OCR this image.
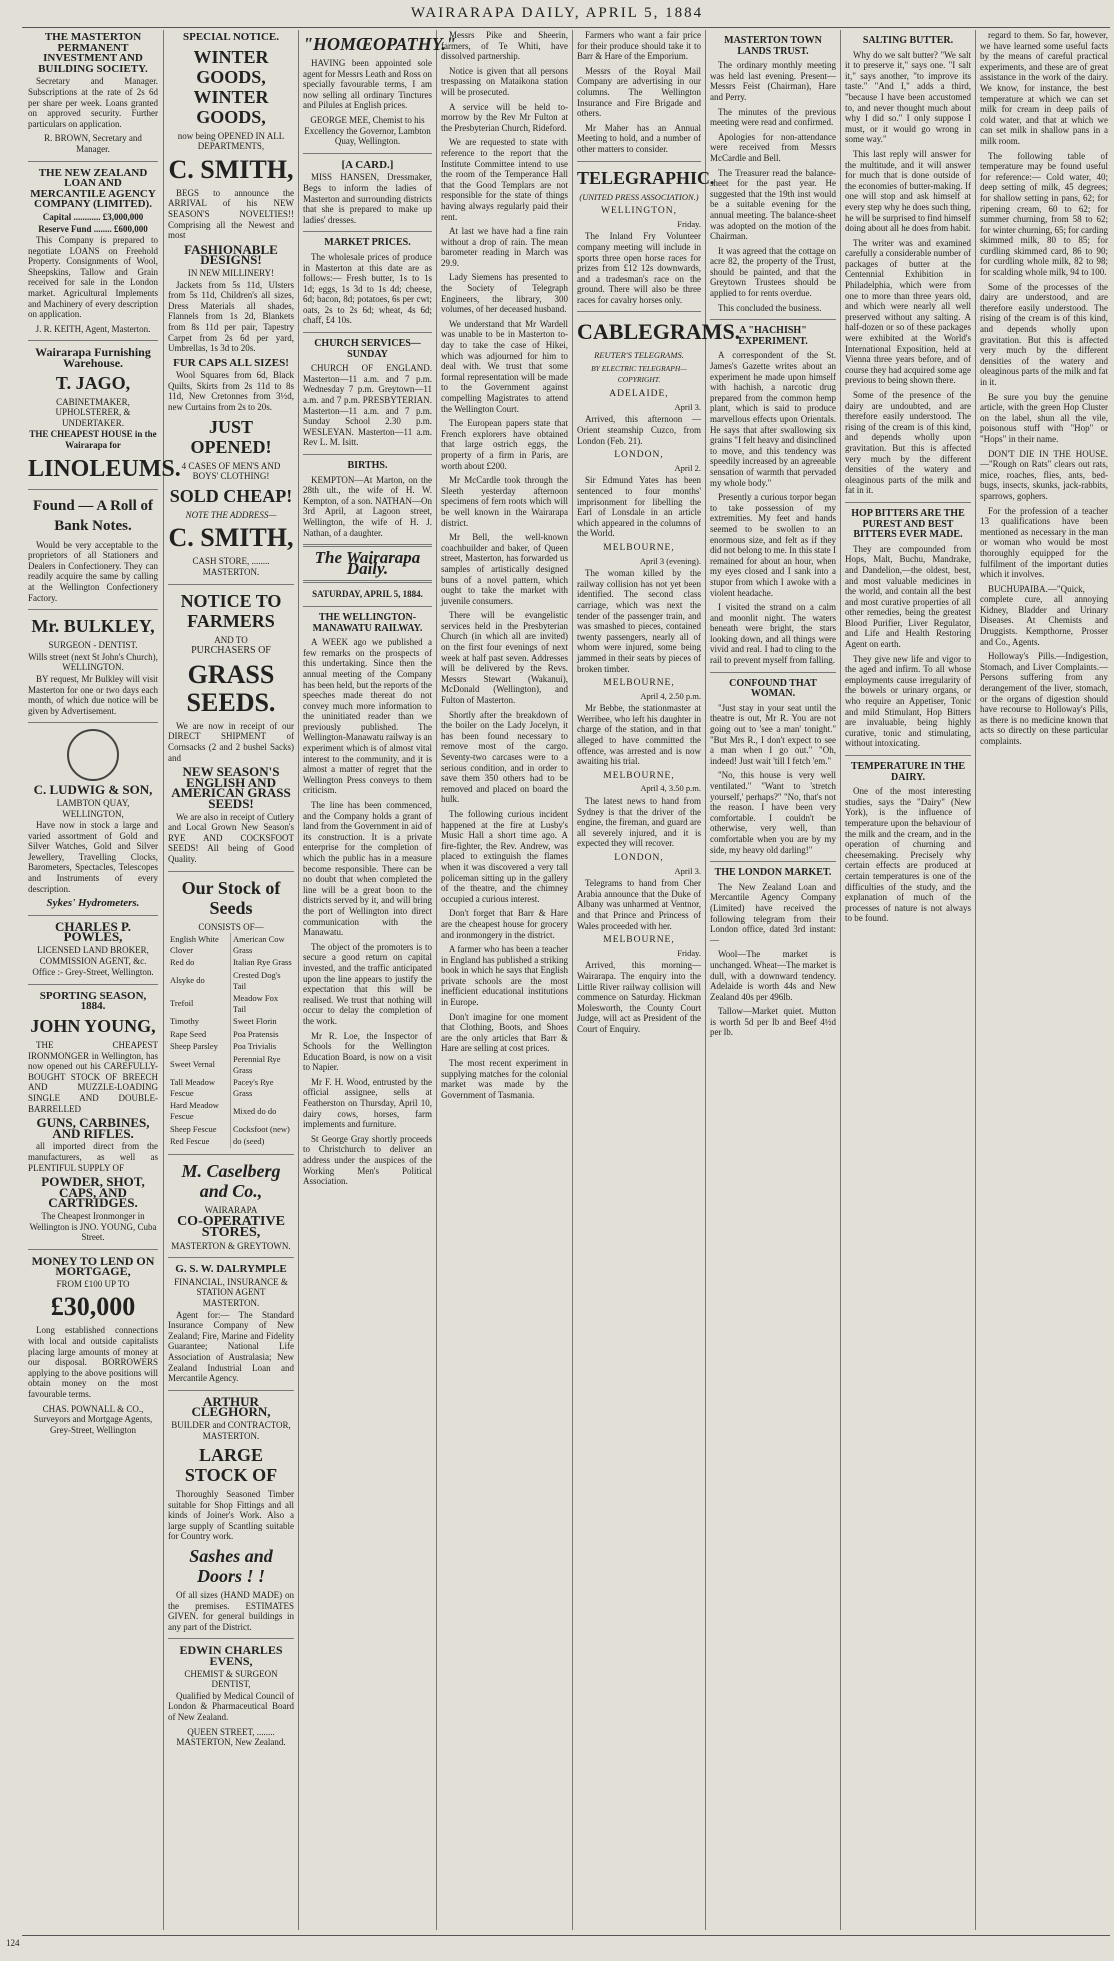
WAIRARAPA DAILY, APRIL 5, 1884
THE MASTERTON PERMANENT INVESTMENT AND BUILDING SOCIETY.

Secretary and Manager. Subscriptions at the rate of 2s 6d per share per week. Loans granted on approved security. Further particulars on application.

R. BROWN, Secretary and Manager.
THE NEW ZEALAND LOAN AND MERCANTILE AGENCY COMPANY (LIMITED).
Capital ............ £3,000,000
Reserve Fund ........ £600,000

This Company is prepared to negotiate LOANS on Freehold Property. Consignments of Wool, Sheepskins, Tallow and Grain received for sale in the London market. Agricultural Implements and Machinery of every description on application.

J. R. KEITH, Agent, Masterton.
Wairarapa Furnishing Warehouse.
T. JAGO,
CABINETMAKER, UPHOLSTERER, & UNDERTAKER.
THE CHEAPEST HOUSE in the Wairarapa for
LINOLEUMS.
Found — A Roll of Bank Notes.

Would be very acceptable to the proprietors of all Stationers and Dealers in Confectionery. They can readily acquire the same by calling at the Wellington Confectionery Factory.

Mr. BULKLEY,
SURGEON - DENTIST.
Wills street (next St John's Church), WELLINGTON.

BY request, Mr Bulkley will visit Masterton for one or two days each month, of which due notice will be given by Advertisement.

C. LUDWIG & SON,
LAMBTON QUAY, WELLINGTON,

Have now in stock a large and varied assortment of Gold and Silver Watches, Gold and Silver Jewellery, Travelling Clocks, Barometers, Spectacles, Telescopes and Instruments of every description.

Sykes' Hydrometers.
CHARLES P. POWLES,
LICENSED LAND BROKER, COMMISSION AGENT, &c.
Office :- Grey-Street, Wellington.
SPORTING SEASON, 1884.
JOHN YOUNG,

THE CHEAPEST IRONMONGER in Wellington, has now opened out his CAREFULLY-BOUGHT STOCK OF BREECH AND MUZZLE-LOADING SINGLE AND DOUBLE-BARRELLED

GUNS, CARBINES, AND RIFLES.

all imported direct from the manufacturers, as well as PLENTIFUL SUPPLY OF

POWDER, SHOT, CAPS, AND CARTRIDGES.
The Cheapest Ironmonger in Wellington is JNO. YOUNG, Cuba Street.
MONEY TO LEND ON MORTGAGE,
FROM £100 UP TO
£30,000

Long established connections with local and outside capitalists placing large amounts of money at our disposal. BORROWERS applying to the above positions will obtain money on the most favourable terms.

CHAS. POWNALL & CO., Surveyors and Mortgage Agents, Grey-Street, Wellington
SPECIAL NOTICE.
WINTER GOODS, WINTER GOODS,
now being OPENED IN ALL DEPARTMENTS,
C. SMITH,

BEGS to announce the ARRIVAL of his NEW SEASON'S NOVELTIES!! Comprising all the Newest and most

FASHIONABLE DESIGNS!
IN NEW MILLINERY!

Jackets from 5s 11d, Ulsters from 5s 11d, Children's all sizes, Dress Materials all shades, Flannels from 1s 2d, Blankets from 8s 11d per pair, Tapestry Carpet from 2s 6d per yard, Umbrellas, 1s 3d to 20s.

FUR CAPS ALL SIZES!

Wool Squares from 6d, Black Quilts, Skirts from 2s 11d to 8s 11d, New Cretonnes from 3½d, new Curtains from 2s to 20s.

JUST OPENED!
4 CASES OF MEN'S AND BOYS' CLOTHING!
SOLD CHEAP!
NOTE THE ADDRESS—
C. SMITH,
CASH STORE, ........ MASTERTON.
NOTICE TO FARMERS
AND TO
PURCHASERS OF
GRASS SEEDS.

We are now in receipt of our DIRECT SHIPMENT of Cornsacks (2 and 2 bushel Sacks) and

NEW SEASON'S ENGLISH AND AMERICAN GRASS SEEDS!

We are also in receipt of Cutlery and Local Grown New Season's RYE AND COCKSFOOT SEEDS! All being of Good Quality.

Our Stock of Seeds
CONSISTS OF—
English White Clover	American Cow Grass
Red do	Italian Rye Grass
Alsyke do	Crested Dog's Tail
Trefoil	Meadow Fox Tail
Timothy	Sweet Florin
Rape Seed	Poa Pratensis
Sheep Parsley	Poa Trivialis
Sweet Vernal	Perennial Rye Grass
Tall Meadow Fescue	Pacey's Rye Grass
Hard Meadow Fescue	Mixed do do
Sheep Fescue	Cocksfoot (new)
Red Fescue	do (seed)
M. Caselberg and Co.,
WAIRARAPA
CO-OPERATIVE STORES,
MASTERTON & GREYTOWN.
G. S. W. DALRYMPLE
FINANCIAL, INSURANCE & STATION AGENT MASTERTON.

Agent for:— The Standard Insurance Company of New Zealand; Fire, Marine and Fidelity Guarantee; National Life Association of Australasia; New Zealand Industrial Loan and Mercantile Agency.

ARTHUR CLEGHORN,
BUILDER and CONTRACTOR, MASTERTON.
LARGE STOCK OF

Thoroughly Seasoned Timber suitable for Shop Fittings and all kinds of Joiner's Work. Also a large supply of Scantling suitable for Country work.

Sashes and Doors ! !

Of all sizes (HAND MADE) on the premises. ESTIMATES GIVEN. for general buildings in any part of the District.

EDWIN CHARLES EVENS,
CHEMIST & SURGEON DENTIST,

Qualified by Medical Council of London & Pharmaceutical Board of New Zealand.

QUEEN STREET, ........ MASTERTON, New Zealand.
"HOMŒOPATHY."

HAVING been appointed sole agent for Messrs Leath and Ross on specially favourable terms, I am now selling all ordinary Tinctures and Pilules at English prices.

GEORGE MEE, Chemist to his Excellency the Governor, Lambton Quay, Wellington.
[A CARD.]

MISS HANSEN, Dressmaker, Begs to inform the ladies of Masterton and surrounding districts that she is prepared to make up ladies' dresses.

MARKET PRICES.

The wholesale prices of produce in Masterton at this date are as follows:— Fresh butter, 1s to 1s 1d; eggs, 1s 3d to 1s 4d; cheese, 6d; bacon, 8d; potatoes, 6s per cwt; oats, 2s to 2s 6d; wheat, 4s 6d; chaff, £4 10s.

CHURCH SERVICES—SUNDAY

CHURCH OF ENGLAND. Masterton—11 a.m. and 7 p.m. Wednesday 7 p.m. Greytown—11 a.m. and 7 p.m. PRESBYTERIAN. Masterton—11 a.m. and 7 p.m. Sunday School 2.30 p.m. WESLEYAN. Masterton—11 a.m. Rev L. M. Isitt.

BIRTHS.

KEMPTON—At Marton, on the 28th ult., the wife of H. W. Kempton, of a son. NATHAN—On 3rd April, at Lagoon street, Wellington, the wife of H. J. Nathan, of a daughter.

The Wairarapa Daily.
SATURDAY, APRIL 5, 1884.
THE WELLINGTON-MANAWATU RAILWAY.

A WEEK ago we published a few remarks on the prospects of this undertaking. Since then the annual meeting of the Company has been held, but the reports of the speeches made thereat do not convey much more information to the uninitiated reader than we previously published. The Wellington-Manawatu railway is an experiment which is of almost vital interest to the community, and it is almost a matter of regret that the Wellington Press conveys to them criticism.

The line has been commenced, and the Company holds a grant of land from the Government in aid of its construction. It is a private enterprise for the completion of which the public has in a measure become responsible. There can be no doubt that when completed the line will be a great boon to the districts served by it, and will bring the port of Wellington into direct communication with the Manawatu.

The object of the promoters is to secure a good return on capital invested, and the traffic anticipated upon the line appears to justify the expectation that this will be realised. We trust that nothing will occur to delay the completion of the work.

Mr R. Loe, the Inspector of Schools for the Wellington Education Board, is now on a visit to Napier.

Mr F. H. Wood, entrusted by the official assignee, sells at Featherston on Thursday, April 10, dairy cows, horses, farm implements and furniture.

St George Gray shortly proceeds to Christchurch to deliver an address under the auspices of the Working Men's Political Association.

Messrs Pike and Sheerin, farmers, of Te Whiti, have dissolved partnership.

Notice is given that all persons trespassing on Mataikona station will be prosecuted.

A service will be held to-morrow by the Rev Mr Fulton at the Presbyterian Church, Rideford.

We are requested to state with reference to the report that the Institute Committee intend to use the room of the Temperance Hall that the Good Templars are not responsible for the state of things having always regularly paid their rent.

At last we have had a fine rain without a drop of rain. The mean barometer reading in March was 29.9.

Lady Siemens has presented to the Society of Telegraph Engineers, the library, 300 volumes, of her deceased husband.

We understand that Mr Wardell was unable to be in Masterton to-day to take the case of Hikei, which was adjourned for him to deal with. We trust that some formal representation will be made to the Government against compelling Magistrates to attend the Wellington Court.

The European papers state that French explorers have obtained that large ostrich eggs, the property of a firm in Paris, are worth about £200.

Mr McCardle took through the Sleeth yesterday afternoon specimens of fern roots which will be well known in the Wairarapa district.

Mr Bell, the well-known coachbuilder and baker, of Queen street, Masterton, has forwarded us samples of artistically designed buns of a novel pattern, which ought to take the market with juvenile consumers.

There will be evangelistic services held in the Presbyterian Church (in which all are invited) on the first four evenings of next week at half past seven. Addresses will be delivered by the Revs. Messrs Stewart (Wakanui), McDonald (Wellington), and Fulton of Masterton.

Shortly after the breakdown of the boiler on the Lady Jocelyn, it has been found necessary to remove most of the cargo. Seventy-two carcases were to a serious condition, and in order to save them 350 others had to be removed and placed on board the hulk.

The following curious incident happened at the fire at Lusby's Music Hall a short time ago. A fire-fighter, the Rev. Andrew, was placed to extinguish the flames when it was discovered a very tall policeman sitting up in the gallery of the theatre, and the chimney occupied a curious interest.

Don't forget that Barr & Hare are the cheapest house for grocery and ironmongery in the district.

A farmer who has been a teacher in England has published a striking book in which he says that English private schools are the most inefficient educational institutions in Europe.

Don't imagine for one moment that Clothing, Boots, and Shoes are the only articles that Barr & Hare are selling at cost prices.

The most recent experiment in supplying matches for the colonial market was made by the Government of Tasmania.

Farmers who want a fair price for their produce should take it to Barr & Hare of the Emporium.

Messrs of the Royal Mail Company are advertising in our columns. The Wellington Insurance and Fire Brigade and others.

Mr Maher has an Annual Meeting to hold, and a number of other matters to consider.

TELEGRAPHIC.
(UNITED PRESS ASSOCIATION.)
WELLINGTON,
Friday.

The Inland Fry Volunteer company meeting will include in sports three open horse races for prizes from £12 12s downwards, and a tradesman's race on the ground. There will also be three races for cavalry horses only.

CABLEGRAMS.
REUTER'S TELEGRAMS.
BY ELECTRIC TELEGRAPH—COPYRIGHT.
ADELAIDE,
April 3.

Arrived, this afternoon — Orient steamship Cuzco, from London (Feb. 21).

LONDON,
April 2.

Sir Edmund Yates has been sentenced to four months' imprisonment for libelling the Earl of Lonsdale in an article which appeared in the columns of the World.

MELBOURNE,
April 3 (evening).

The woman killed by the railway collision has not yet been identified. The second class carriage, which was next the tender of the passenger train, and was smashed to pieces, contained twenty passengers, nearly all of whom were injured, some being jammed in their seats by pieces of broken timber.

MELBOURNE,
April 4, 2.50 p.m.

Mr Bebbe, the stationmaster at Werribee, who left his daughter in charge of the station, and in that alleged to have committed the offence, was arrested and is now awaiting his trial.

MELBOURNE,
April 4, 3.50 p.m.

The latest news to hand from Sydney is that the driver of the engine, the fireman, and guard are all severely injured, and it is expected they will recover.

LONDON,
April 3.

Telegrams to hand from Cher Arabia announce that the Duke of Albany was unharmed at Ventnor, and that Prince and Princess of Wales proceeded with her.

MELBOURNE,
Friday.

Arrived, this morning—Wairarapa. The enquiry into the Little River railway collision will commence on Saturday. Hickman Molesworth, the County Court Judge, will act as President of the Court of Enquiry.

MASTERTON TOWN LANDS TRUST.

The ordinary monthly meeting was held last evening. Present—Messrs Feist (Chairman), Hare and Perry.

The minutes of the previous meeting were read and confirmed.

Apologies for non-attendance were received from Messrs McCardle and Bell.

The Treasurer read the balance-sheet for the past year. He suggested that the 19th inst would be a suitable evening for the annual meeting. The balance-sheet was adopted on the motion of the Chairman.

It was agreed that the cottage on acre 82, the property of the Trust, should be painted, and that the Greytown Trustees should be applied to for rents overdue.

This concluded the business.

A "HACHISH" EXPERIMENT.

A correspondent of the St. James's Gazette writes about an experiment he made upon himself with hachish, a narcotic drug prepared from the common hemp plant, which is said to produce marvellous effects upon Orientals. He says that after swallowing six grains "I felt heavy and disinclined to move, and this tendency was speedily increased by an agreeable sensation of warmth that pervaded my whole body."

Presently a curious torpor began to take possession of my extremities. My feet and hands seemed to be swollen to an enormous size, and felt as if they did not belong to me. In this state I remained for about an hour, when my eyes closed and I sank into a stupor from which I awoke with a violent headache.

I visited the strand on a calm and moonlit night. The waters beneath were bright, the stars looking down, and all things were vivid and real. I had to cling to the rail to prevent myself from falling.

CONFOUND THAT WOMAN.

"Just stay in your seat until the theatre is out, Mr R. You are not going out to 'see a man' tonight." "But Mrs R., I don't expect to see a man when I go out." "Oh, indeed! Just wait 'till I fetch 'em."

"No, this house is very well ventilated." "Want to 'stretch yourself,' perhaps?" "No, that's not the reason. I have been very comfortable. I couldn't be otherwise, very well, than comfortable when you are by my side, my heavy old darling!"

THE LONDON MARKET.

The New Zealand Loan and Mercantile Agency Company (Limited) have received the following telegram from their London office, dated 3rd instant:—

Wool—The market is unchanged. Wheat—The market is dull, with a downward tendency. Adelaide is worth 44s and New Zealand 40s per 496lb.

Tallow—Market quiet. Mutton is worth 5d per lb and Beef 4½d per lb.

SALTING BUTTER.

Why do we salt butter? "We salt it to preserve it," says one. "I salt it," says another, "to improve its taste." "And I," adds a third, "because I have been accustomed to, and never thought much about why I did so." I only suppose I must, or it would go wrong in some way."

This last reply will answer for the multitude, and it will answer for much that is done outside of the economies of butter-making. If one will stop and ask himself at every step why he does such thing, he will be surprised to find himself doing about all he does from habit.

The writer was and examined carefully a considerable number of packages of butter at the Centennial Exhibition in Philadelphia, which were from one to more than three years old, and which were nearly all well preserved without any salting. A half-dozen or so of these packages were exhibited at the World's International Exposition, held at Vienna three years before, and of course they had acquired some age previous to being shown there.

Some of the presence of the dairy are undoubted, and are therefore easily understood. The rising of the cream is of this kind, and depends wholly upon gravitation. But this is affected very much by the different densities of the watery and oleaginous parts of the milk and fat in it.

HOP BITTERS ARE THE PUREST AND BEST BITTERS EVER MADE.

They are compounded from Hops, Malt, Buchu, Mandrake, and Dandelion,—the oldest, best, and most valuable medicines in the world, and contain all the best and most curative properties of all other remedies, being the greatest Blood Purifier, Liver Regulator, and Life and Health Restoring Agent on earth.

They give new life and vigor to the aged and infirm. To all whose employments cause irregularity of the bowels or urinary organs, or who require an Appetiser, Tonic and mild Stimulant, Hop Bitters are invaluable, being highly curative, tonic and stimulating, without intoxicating.

TEMPERATURE IN THE DAIRY.

One of the most interesting studies, says the "Dairy" (New York), is the influence of temperature upon the behaviour of the milk and the cream, and in the operation of churning and cheesemaking. Precisely why certain effects are produced at certain temperatures is one of the difficulties of the study, and the explanation of much of the processes of nature is not always to be found.

regard to them. So far, however, we have learned some useful facts by the means of careful practical experiments, and these are of great assistance in the work of the dairy. We know, for instance, the best temperature at which we can set milk for cream in deep pails of cold water, and that at which we can set milk in shallow pans in a milk room.

The following table of temperature may be found useful for reference:— Cold water, 40; deep setting of milk, 45 degrees; for shallow setting in pans, 62; for ripening cream, 60 to 62; for summer churning, from 58 to 62; for winter churning, 65; for carding skimmed milk, 80 to 85; for curdling skimmed card, 86 to 90; for curdling whole milk, 82 to 98; for scalding whole milk, 94 to 100.

Some of the processes of the dairy are understood, and are therefore easily understood. The rising of the cream is of this kind, and depends wholly upon gravitation. But this is affected very much by the different densities of the watery and oleaginous parts of the milk and fat in it.

Be sure you buy the genuine article, with the green Hop Cluster on the label, shun all the vile, poisonous stuff with "Hop" or "Hops" in their name.

DON'T DIE IN THE HOUSE.—"Rough on Rats" clears out rats, mice, roaches, flies, ants, bed-bugs, insects, skunks, jack-rabbits, sparrows, gophers.

For the profession of a teacher 13 qualifications have been mentioned as necessary in the man or woman who would be most thoroughly equipped for the fulfilment of the important duties which it involves.

BUCHUPAIBA.—"Quick, complete cure, all annoying Kidney, Bladder and Urinary Diseases. At Chemists and Druggists. Kempthorne, Prosser and Co., Agents.

Holloway's Pills.—Indigestion, Stomach, and Liver Complaints.—Persons suffering from any derangement of the liver, stomach, or the organs of digestion should have recourse to Holloway's Pills, as there is no medicine known that acts so directly on these particular complaints.

124
